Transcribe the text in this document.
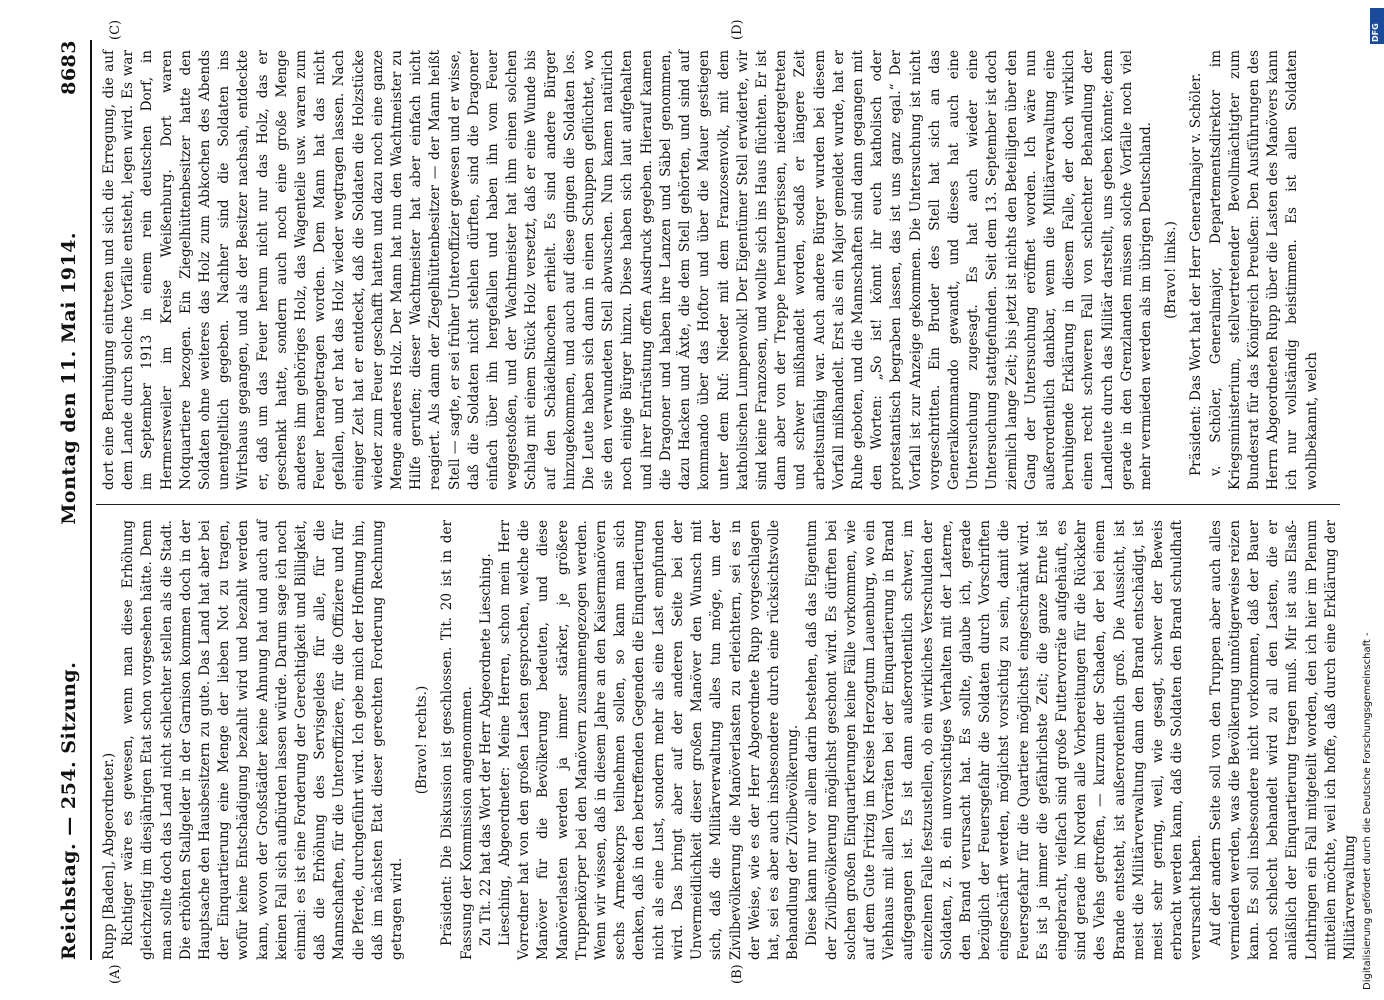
Reichstag. — 254. Sitzung.
Montag den 11. Mai 1914.
8683
(A)	(B)
(C)	(D)

Rupp [Baden], Abgeordneter.) Richtiger wäre es gewesen, wenn man diese Erhöhung gleichzeitig im diesjährigen Etat schon vorgesehen hätte. Denn man sollte doch das Land nicht schlechter stellen als die Stadt. Die erhöhten Stallgelder in der Garnison kommen doch in der Hauptsache den Hausbesitzern zu gute. Das Land hat aber bei der Einquartierung eine Menge der lieben Not zu tragen, wofür keine Entschädigung bezahlt wird und bezahlt werden kann, wovon der Großstädter keine Ahnung hat und auch auf keinen Fall sich aufbürden lassen würde. Darum sage ich noch einmal: es ist eine Forderung der Gerechtigkeit und Billigkeit, daß die Erhöhung des Servisgeldes für alle, für die Mannschaften, für die Unteroffiziere, für die Offiziere und für die Pferde, durchgeführt wird. Ich gebe mich der Hoffnung hin, daß im nächsten Etat dieser gerechten Forderung Rechnung getragen wird.

(Bravo! rechts.) Präsident: Die Diskussion ist geschlossen. Tit. 20 ist in der Fassung der Kommission angenommen. Zu Tit. 22 hat das Wort der Herr Abgeordnete Liesching. Liesching, Abgeordneter: Meine Herren, schon mein Herr Vorredner hat von den großen Lasten gesprochen, welche die Manöver für die Bevölkerung bedeuten, und diese Manöverlasten werden ja immer stärker, je größere Truppenkörper bei den Manövern zusammengezogen werden. Wenn wir wissen, daß in diesem Jahre an den Kaisermanövern sechs Armeekorps teilnehmen sollen, so kann man sich denken, daß in den betreffenden Gegenden die Einquartierung nicht als eine Lust, sondern mehr als eine Last empfunden wird. Das bringt aber auf der anderen Seite bei der Unvermeidlichkeit dieser großen Manöver den Wunsch mit sich, daß die Militärverwaltung alles tun möge, um der Zivilbevölkerung die Manöverlasten zu erleichtern, sei es in der Weise, wie es der Herr Abgeordnete Rupp vorgeschlagen hat, sei es aber auch insbesondere durch eine rücksichtsvolle Behandlung der Zivilbevölkerung. Diese kann nur vor allem darin bestehen, daß das Eigentum der Zivilbevölkerung möglichst geschont wird. Es dürften bei solchen großen Einquartierungen keine Fälle vorkommen, wie auf dem Gute Fritzig im Kreise Herzogtum Lauenburg, wo ein Viehhaus mit allen Vorräten bei der Einquartierung in Brand aufgegangen ist. Es ist dann außerordentlich schwer, im einzelnen Falle festzustellen, ob ein wirkliches Verschulden der Soldaten, z. B. ein unvorsichtiges Verhalten mit der Laterne, den Brand verursacht hat. Es sollte, glaube ich, gerade bezüglich der Feuersgefahr die Soldaten durch Vorschriften eingeschärft werden, möglichst vorsichtig zu sein, damit die Feuersgefahr für die Quartiere möglichst eingeschränkt wird. Es ist ja immer die gefährlichste Zeit; die ganze Ernte ist eingebracht, vielfach sind große Futtervorräte aufgehäuft, es sind gerade im Norden alle Vorbereitungen für die Rückkehr des Viehs getroffen, — kurzum der Schaden, der bei einem Brande entsteht, ist außerordentlich groß. Die Aussicht, ist meist die Militärverwaltung dann den Brand entschädigt, ist meist sehr gering, weil, wie gesagt, schwer der Beweis erbracht werden kann, daß die Soldaten den Brand schuldhaft verursacht haben. Auf der andern Seite soll von den Truppen aber auch alles vermieden werden, was die Bevölkerung unnötigerweise reizen kann. Es soll insbesondere nicht vorkommen, daß der Bauer noch schlecht behandelt wird zu all den Lasten, die er anläßlich der Einquartierung tragen muß. Mir ist aus Elsaß-Lothringen ein Fall mitgeteilt worden, den ich hier im Plenum mitteilen möchte, weil ich hoffe, daß durch eine Erklärung der Militärverwaltung

dort eine Beruhigung eintreten und sich die Erregung, die auf dem Lande durch solche Vorfälle entsteht, legen wird. Es war im September 1913 in einem rein deutschen Dorf, in Hermersweiler im Kreise Weißenburg. Dort waren Notquartiere bezogen. Ein Ziegelhüttenbesitzer hatte den Soldaten ohne weiteres das Holz zum Abkochen des Abends unentgeltlich gegeben. Nachher sind die Soldaten ins Wirtshaus gegangen, und als der Besitzer nachsah, entdeckte er, daß um das Feuer herum nicht nur das Holz, das er geschenkt hatte, sondern auch noch eine große Menge anderes ihm gehöriges Holz, das Wagenteile usw. waren zum Feuer herangetragen worden. Dem Mann hat das nicht gefallen, und er hat das Holz wieder wegtragen lassen. Nach einiger Zeit hat er entdeckt, daß die Soldaten die Holzstücke wieder zum Feuer geschafft hatten und dazu noch eine ganze Menge anderes Holz. Der Mann hat nun den Wachtmeister zu Hilfe gerufen; dieser Wachtmeister hat aber einfach nicht reagiert. Als dann der Ziegelhüttenbesitzer — der Mann heißt Stell — sagte, er sei früher Unteroffizier gewesen und er wisse, daß die Soldaten nicht stehlen dürften, sind die Dragoner einfach über ihn hergefallen und haben ihn vom Feuer weggestoßen, und der Wachtmeister hat ihm einen solchen Schlag mit einem Stück Holz versetzt, daß er eine Wunde bis auf den Schädelknochen erhielt. Es sind andere Bürger hinzugekommen, und auch auf diese gingen die Soldaten los. Die Leute haben sich dann in einen Schuppen geflüchtet, wo sie den verwundeten Stell abwuschen. Nun kamen natürlich noch einige Bürger hinzu. Diese haben sich laut aufgehalten und ihrer Entrüstung offen Ausdruck gegeben. Hierauf kamen die Dragoner und haben ihre Lanzen und Säbel genommen, dazu Hacken und Äxte, die dem Stell gehörten, und sind auf kommando über das Hoftor und über die Mauer gestiegen unter dem Ruf: Nieder mit dem Franzosenvolk, mit dem katholischen Lumpenvolk! Der Eigentümer Stell erwiderte, wir sind keine Franzosen, und wollte sich ins Haus flüchten. Er ist dann aber von der Treppe heruntergerissen, niedergetreten und schwer mißhandelt worden, sodaß er längere Zeit arbeitsunfähig war. Auch andere Bürger wurden bei diesem Vorfall mißhandelt. Erst als ein Major gemeldet wurde, hat er Ruhe geboten, und die Mannschaften sind dann gegangen mit den Worten: „So ist! könnt ihr euch katholisch oder protestantisch begraben lassen, das ist uns ganz egal.“ Der Vorfall ist zur Anzeige gekommen. Die Untersuchung ist nicht vorgeschritten. Ein Bruder des Stell hat sich an das Generalkommando gewandt, und dieses hat auch eine Untersuchung zugesagt. Es hat auch wieder eine Untersuchung stattgefunden. Seit dem 13. September ist doch ziemlich lange Zeit; bis jetzt ist nichts den Beteiligten über den Gang der Untersuchung eröffnet worden. Ich wäre nun außerordentlich dankbar, wenn die Militärverwaltung eine beruhigende Erklärung in diesem Falle, der doch wirklich einen recht schweren Fall von schlechter Behandlung der Landleute durch das Militär darstellt, uns geben könnte; denn gerade in den Grenzlanden müssen solche Vorfälle noch viel mehr vermieden werden als im übrigen Deutschland. (Bravo! links.) Präsident: Das Wort hat der Herr Generalmajor v. Schöler. v. Schöler, Generalmajor, Departementsdirektor im Kriegsministerium, stellvertretender Bevollmächtigter zum Bundesrat für das Königreich Preußen: Den Ausführungen des Herrn Abgeordneten Rupp über die Lasten des Manövers kann ich nur vollständig beistimmen. Es ist allen Soldaten wohlbekannt, welch

DFG
Digitalisierung gefördert durch die Deutsche Forschungsgemeinschaft -
